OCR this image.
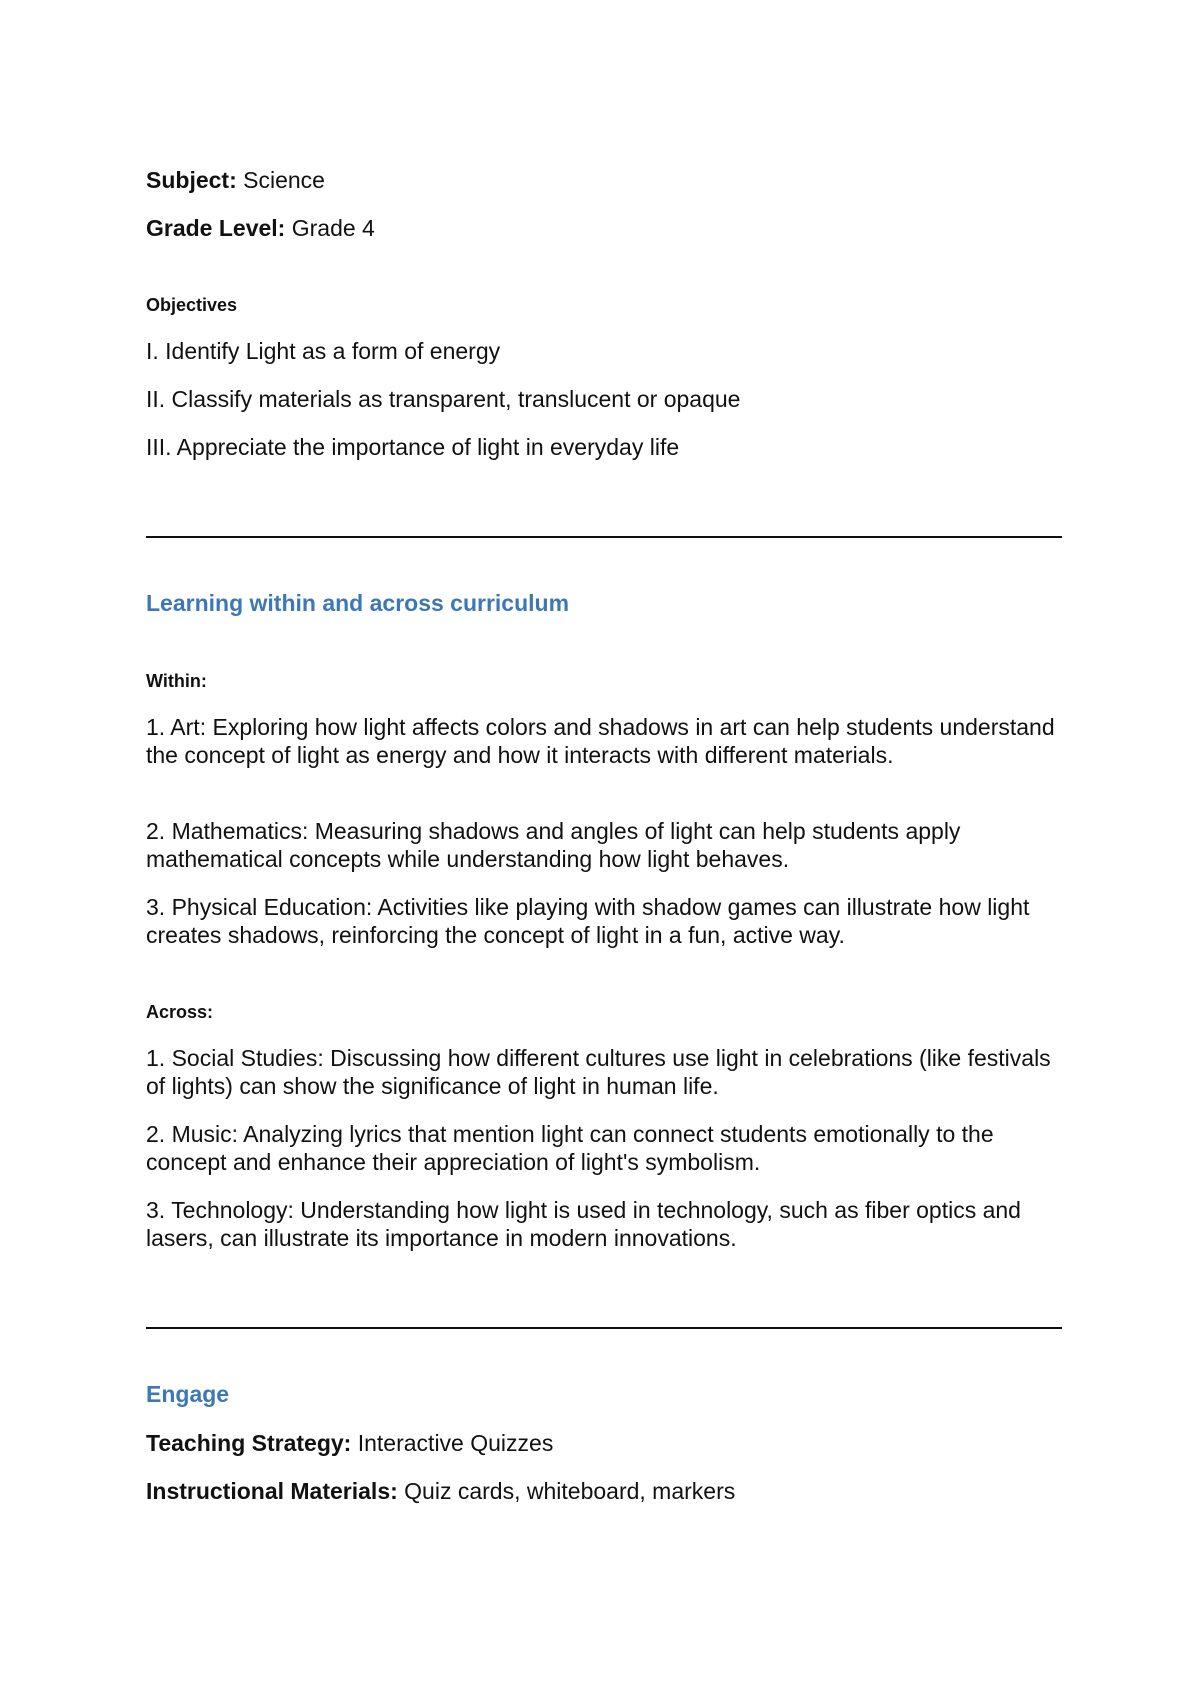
Subject: Science

Grade Level: Grade 4

Objectives

I. Identify Light as a form of energy

II. Classify materials as transparent, translucent or opaque

III. Appreciate the importance of light in everyday life

Learning within and across curriculum

Within:

1. Art: Exploring how light affects colors and shadows in art can help students understand the concept of light as energy and how it interacts with different materials.

2. Mathematics: Measuring shadows and angles of light can help students apply mathematical concepts while understanding how light behaves.

3. Physical Education: Activities like playing with shadow games can illustrate how light creates shadows, reinforcing the concept of light in a fun, active way.

Across:

1. Social Studies: Discussing how different cultures use light in celebrations (like festivals of lights) can show the significance of light in human life.

2. Music: Analyzing lyrics that mention light can connect students emotionally to the concept and enhance their appreciation of light's symbolism.

3. Technology: Understanding how light is used in technology, such as fiber optics and lasers, can illustrate its importance in modern innovations.

Engage

Teaching Strategy: Interactive Quizzes

Instructional Materials: Quiz cards, whiteboard, markers
